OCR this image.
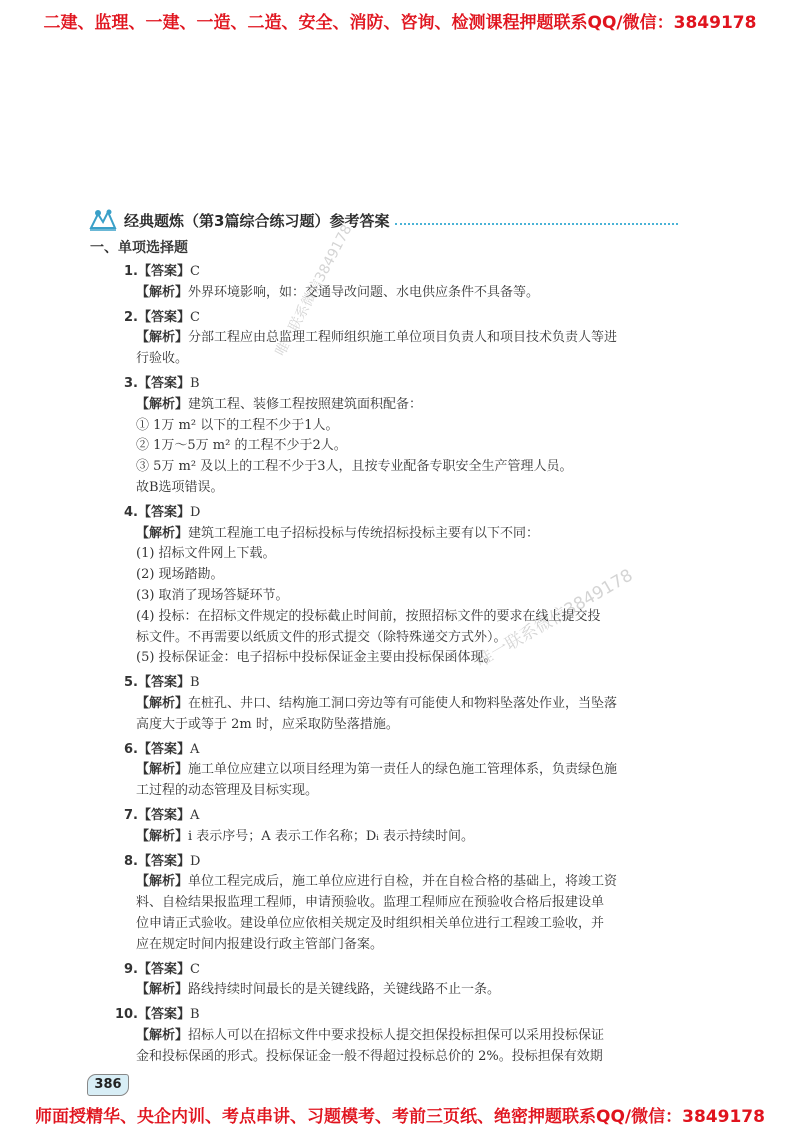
二建、监理、一建、一造、二造、安全、消防、咨询、检测课程押题联系QQ/微信：3849178
经典题炼（第3篇综合练习题）参考答案
一、单项选择题
1.【答案】C
【解析】外界环境影响，如：交通导改问题、水电供应条件不具备等。
2.【答案】C
【解析】分部工程应由总监理工程师组织施工单位项目负责人和项目技术负责人等进
行验收。
3.【答案】B
【解析】建筑工程、装修工程按照建筑面积配备：
① 1万 m² 以下的工程不少于1人。
② 1万～5万 m² 的工程不少于2人。
③ 5万 m² 及以上的工程不少于3人，且按专业配备专职安全生产管理人员。
故B选项错误。
4.【答案】D
【解析】建筑工程施工电子招标投标与传统招标投标主要有以下不同：
(1) 招标文件网上下载。
(2) 现场踏勘。
(3) 取消了现场答疑环节。
(4) 投标：在招标文件规定的投标截止时间前，按照招标文件的要求在线上提交投
标文件。不再需要以纸质文件的形式提交（除特殊递交方式外）。
(5) 投标保证金：电子招标中投标保证金主要由投标保函体现。
5.【答案】B
【解析】在桩孔、井口、结构施工洞口旁边等有可能使人和物料坠落处作业，当坠落
高度大于或等于 2m 时，应采取防坠落措施。
6.【答案】A
【解析】施工单位应建立以项目经理为第一责任人的绿色施工管理体系，负责绿色施
工过程的动态管理及目标实现。
7.【答案】A
【解析】i 表示序号；A 表示工作名称；Dᵢ 表示持续时间。
8.【答案】D
【解析】单位工程完成后，施工单位应进行自检，并在自检合格的基础上，将竣工资
料、自检结果报监理工程师，申请预验收。监理工程师应在预验收合格后报建设单
位申请正式验收。建设单位应依相关规定及时组织相关单位进行工程竣工验收，并
应在规定时间内报建设行政主管部门备案。
9.【答案】C
【解析】路线持续时间最长的是关键线路，关键线路不止一条。
10.【答案】B
【解析】招标人可以在招标文件中要求投标人提交担保投标担保可以采用投标保证
金和投标保函的形式。投标保证金一般不得超过投标总价的 2%。投标担保有效期
386
唯一联系微信3849178
唯一联系微信3849178
师面授精华、央企内训、考点串讲、习题模考、考前三页纸、绝密押题联系QQ/微信：3849178
